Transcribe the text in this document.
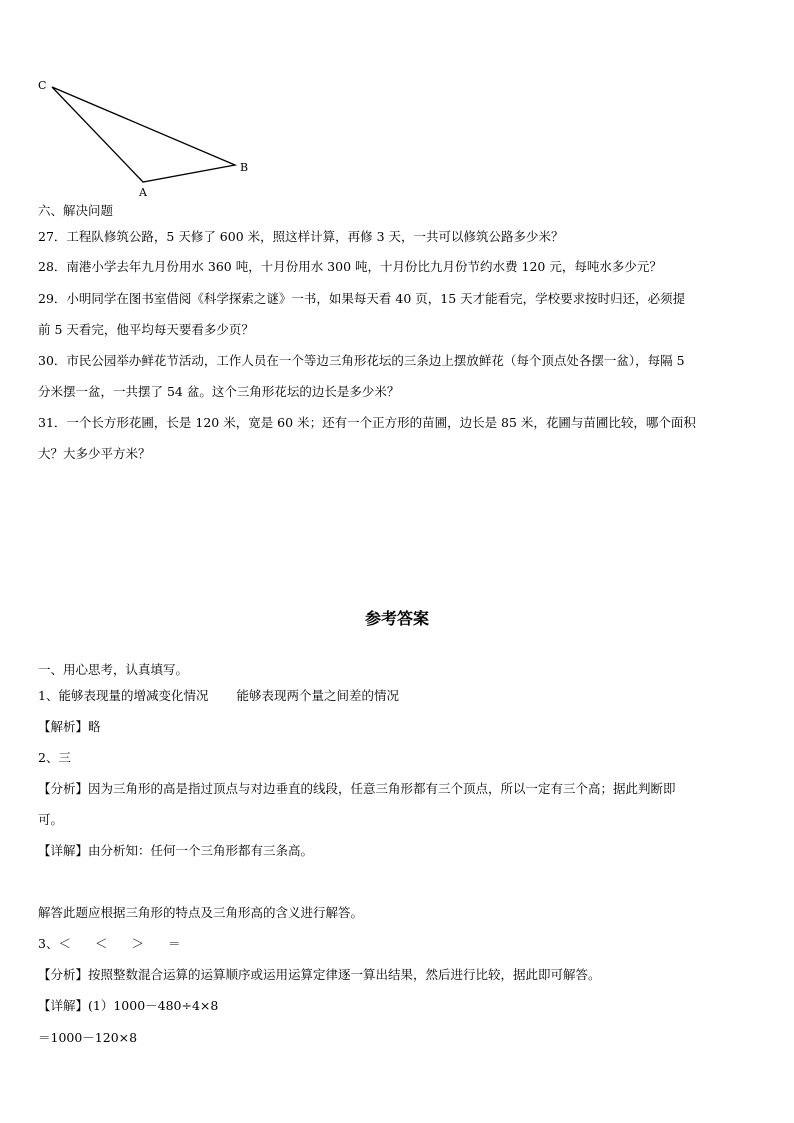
C
B
A
六、解决问题
27．工程队修筑公路，5 天修了 600 米，照这样计算，再修 3 天，一共可以修筑公路多少米？
28．南港小学去年九月份用水 360 吨，十月份用水 300 吨，十月份比九月份节约水费 120 元，每吨水多少元？
29．小明同学在图书室借阅《科学探索之谜》一书，如果每天看 40 页，15 天才能看完，学校要求按时归还，必须提
前 5 天看完，他平均每天要看多少页？
30．市民公园举办鲜花节活动，工作人员在一个等边三角形花坛的三条边上摆放鲜花（每个顶点处各摆一盆），每隔 5
分米摆一盆，一共摆了 54 盆。这个三角形花坛的边长是多少米？
31．一个长方形花圃，长是 120 米，宽是 60 米；还有一个正方形的苗圃，边长是 85 米，花圃与苗圃比较，哪个面积
大？大多少平方米？
参考答案
一、用心思考，认真填写。
1、能够表现量的增减变化情况 能够表现两个量之间差的情况
【解析】略
2、三
【分析】因为三角形的高是指过顶点与对边垂直的线段，任意三角形都有三个顶点，所以一定有三个高；据此判断即
可。
【详解】由分析知：任何一个三角形都有三条高。
解答此题应根据三角形的特点及三角形高的含义进行解答。
3、＜ ＜ ＞ ＝
【分析】按照整数混合运算的运算顺序或运用运算定律逐一算出结果，然后进行比较，据此即可解答。
【详解】(1）1000－480÷4×8
＝1000－120×8
